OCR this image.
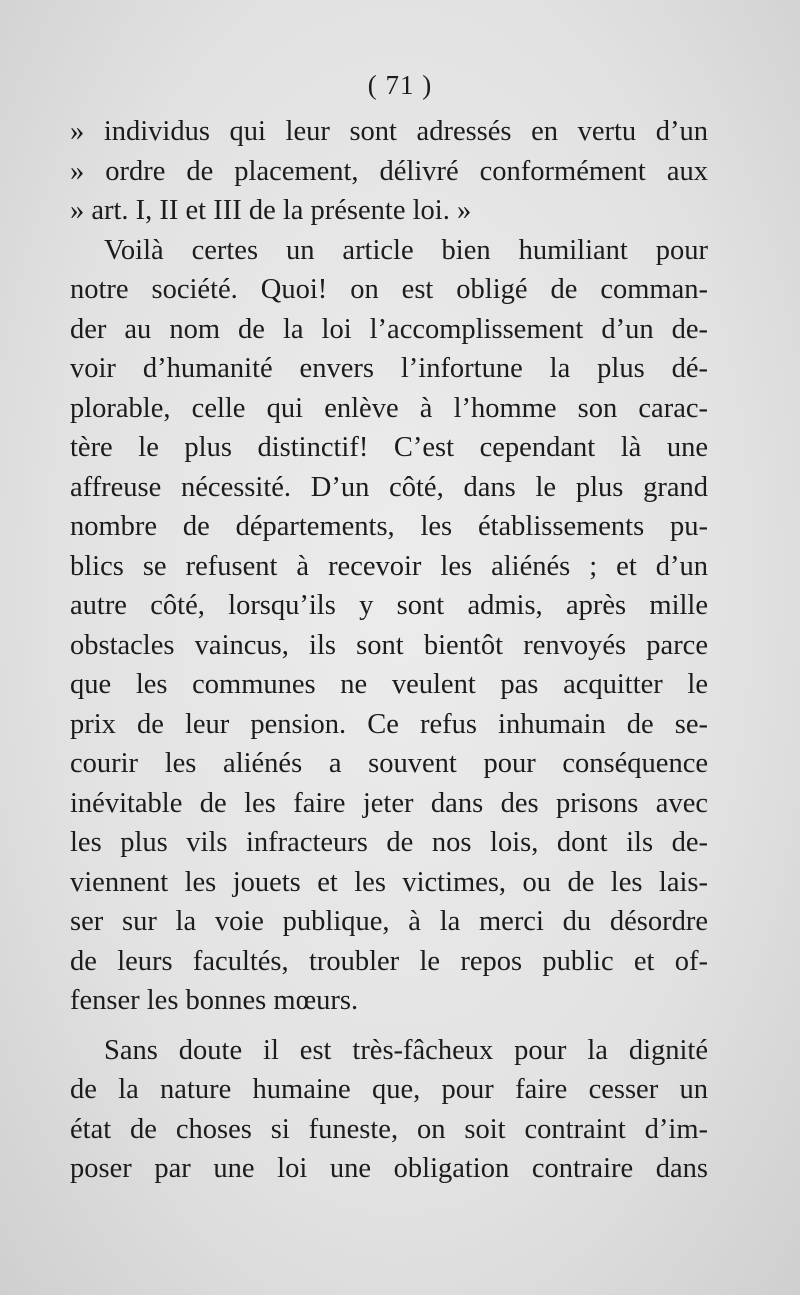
( 71 )
» individus qui leur sont adressés en vertu d’un
» ordre de placement, délivré conformément aux
» art. I, II et III de la présente loi. »
Voilà certes un article bien humiliant pour
notre société. Quoi! on est obligé de comman-
der au nom de la loi l’accomplissement d’un de-
voir d’humanité envers l’infortune la plus dé-
plorable, celle qui enlève à l’homme son carac-
tère le plus distinctif! C’est cependant là une
affreuse nécessité. D’un côté, dans le plus grand
nombre de départements, les établissements pu-
blics se refusent à recevoir les aliénés ; et d’un
autre côté, lorsqu’ils y sont admis, après mille
obstacles vaincus, ils sont bientôt renvoyés parce
que les communes ne veulent pas acquitter le
prix de leur pension. Ce refus inhumain de se-
courir les aliénés a souvent pour conséquence
inévitable de les faire jeter dans des prisons avec
les plus vils infracteurs de nos lois, dont ils de-
viennent les jouets et les victimes, ou de les lais-
ser sur la voie publique, à la merci du désordre
de leurs facultés, troubler le repos public et of-
fenser les bonnes mœurs.
Sans doute il est très-fâcheux pour la dignité
de la nature humaine que, pour faire cesser un
état de choses si funeste, on soit contraint d’im-
poser par une loi une obligation contraire dans
